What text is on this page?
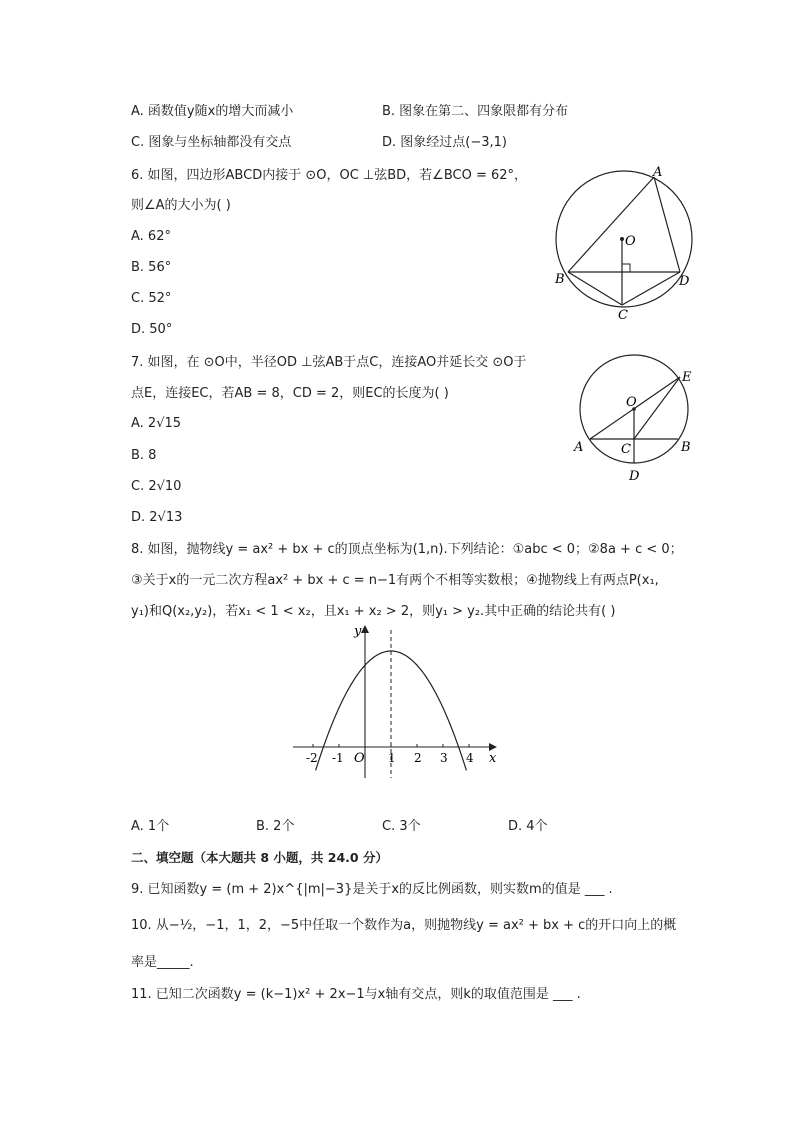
A. 函数值y随x的增大而减小	B. 图象在第二、四象限都有分布
C. 图象与坐标轴都没有交点	D. 图象经过点(−3,1)
6. 如图，四边形ABCD内接于 ⊙O，OC ⊥弦BD，若∠BCO = 62°，
则∠A的大小为( )
A. 62°
B. 56°
C. 52°
D. 50°
A
B
C
D
O
7. 如图，在 ⊙O中，半径OD ⊥弦AB于点C，连接AO并延长交 ⊙O于
点E，连接EC，若AB = 8，CD = 2，则EC的长度为( )
A. 2√15
B. 8
C. 2√10
D. 2√13
E
O
A	C	B
D
8. 如图，抛物线y = ax² + bx + c的顶点坐标为(1,n).下列结论：①abc < 0；②8a + c < 0；
③关于x的一元二次方程ax² + bx + c = n−1有两个不相等实数根；④抛物线上有两点P(x₁,
y₁)和Q(x₂,y₂)，若x₁ < 1 < x₂，且x₁ + x₂ > 2，则y₁ > y₂.其中正确的结论共有( )
y
x
O
-2 -1	1 2 3 4
A. 1个	B. 2个	C. 3个	D. 4个
二、填空题（本大题共 8 小题，共 24.0 分）
9. 已知函数y = (m + 2)x^{|m|−3}是关于x的反比例函数，则实数m的值是 ___ .
10. 从−½，−1，1，2，−5中任取一个数作为a，则抛物线y = ax² + bx + c的开口向上的概
率是_____.
11. 已知二次函数y = (k−1)x² + 2x−1与x轴有交点，则k的取值范围是 ___ .
